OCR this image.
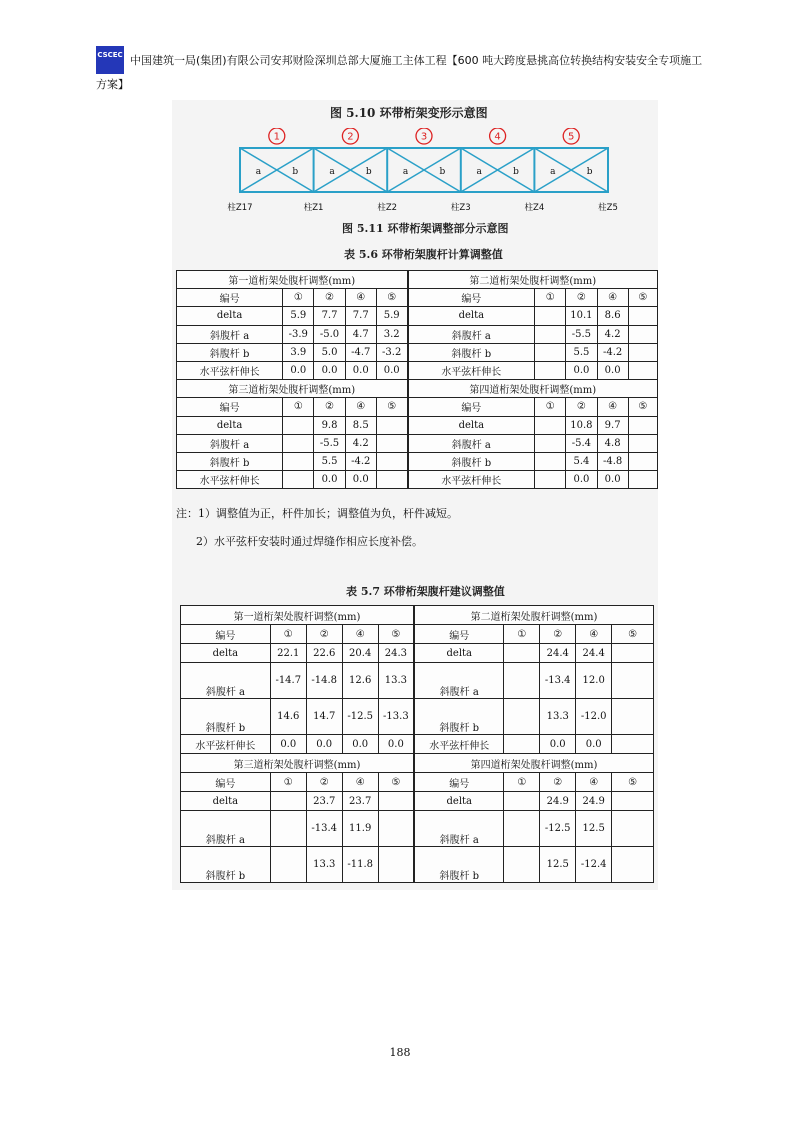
CSCEC 中国建筑一局(集团)有限公司安邦财险深圳总部大厦施工主体工程【600 吨大跨度悬挑高位转换结构安装安全专项施工
方案】
图 5.10 环带桁架变形示意图
1	2	3	4	5
a	b	a	b	a	b	a	b	a	b
柱Z17	柱Z1	柱Z2	柱Z3	柱Z4	柱Z5
图 5.11 环带桁架调整部分示意图
表 5.6 环带桁架腹杆计算调整值
第一道桁架处腹杆调整(mm)					第二道桁架处腹杆调整(mm)				
编号	①	②	④	⑤	编号	①	②	④	⑤
delta	5.9	7.7	7.7	5.9	delta		10.1	8.6	
斜腹杆 a	-3.9	-5.0	4.7	3.2	斜腹杆 a		-5.5	4.2	
斜腹杆 b	3.9	5.0	-4.7	-3.2	斜腹杆 b		5.5	-4.2	
水平弦杆伸长	0.0	0.0	0.0	0.0	水平弦杆伸长		0.0	0.0	
第三道桁架处腹杆调整(mm)					第四道桁架处腹杆调整(mm)				
编号	①	②	④	⑤	编号	①	②	④	⑤
delta		9.8	8.5		delta		10.8	9.7	
斜腹杆 a		-5.5	4.2		斜腹杆 a		-5.4	4.8	
斜腹杆 b		5.5	-4.2		斜腹杆 b		5.4	-4.8	
水平弦杆伸长		0.0	0.0		水平弦杆伸长		0.0	0.0	
注：1）调整值为正，杆件加长；调整值为负，杆件减短。
2）水平弦杆安装时通过焊缝作相应长度补偿。
表 5.7 环带桁架腹杆建议调整值
第一道桁架处腹杆调整(mm)					第二道桁架处腹杆调整(mm)				
编号	①	②	④	⑤	编号	①	②	④	⑤
delta	22.1	22.6	20.4	24.3	delta		24.4	24.4	
斜腹杆 a	-14.7	-14.8	12.6	13.3	斜腹杆 a		-13.4	12.0	
斜腹杆 b	14.6	14.7	-12.5	-13.3	斜腹杆 b		13.3	-12.0	
水平弦杆伸长	0.0	0.0	0.0	0.0	水平弦杆伸长		0.0	0.0	
第三道桁架处腹杆调整(mm)					第四道桁架处腹杆调整(mm)				
编号	①	②	④	⑤	编号	①	②	④	⑤
delta		23.7	23.7		delta		24.9	24.9	
斜腹杆 a		-13.4	11.9		斜腹杆 a		-12.5	12.5	
斜腹杆 b		13.3	-11.8		斜腹杆 b		12.5	-12.4	
188
